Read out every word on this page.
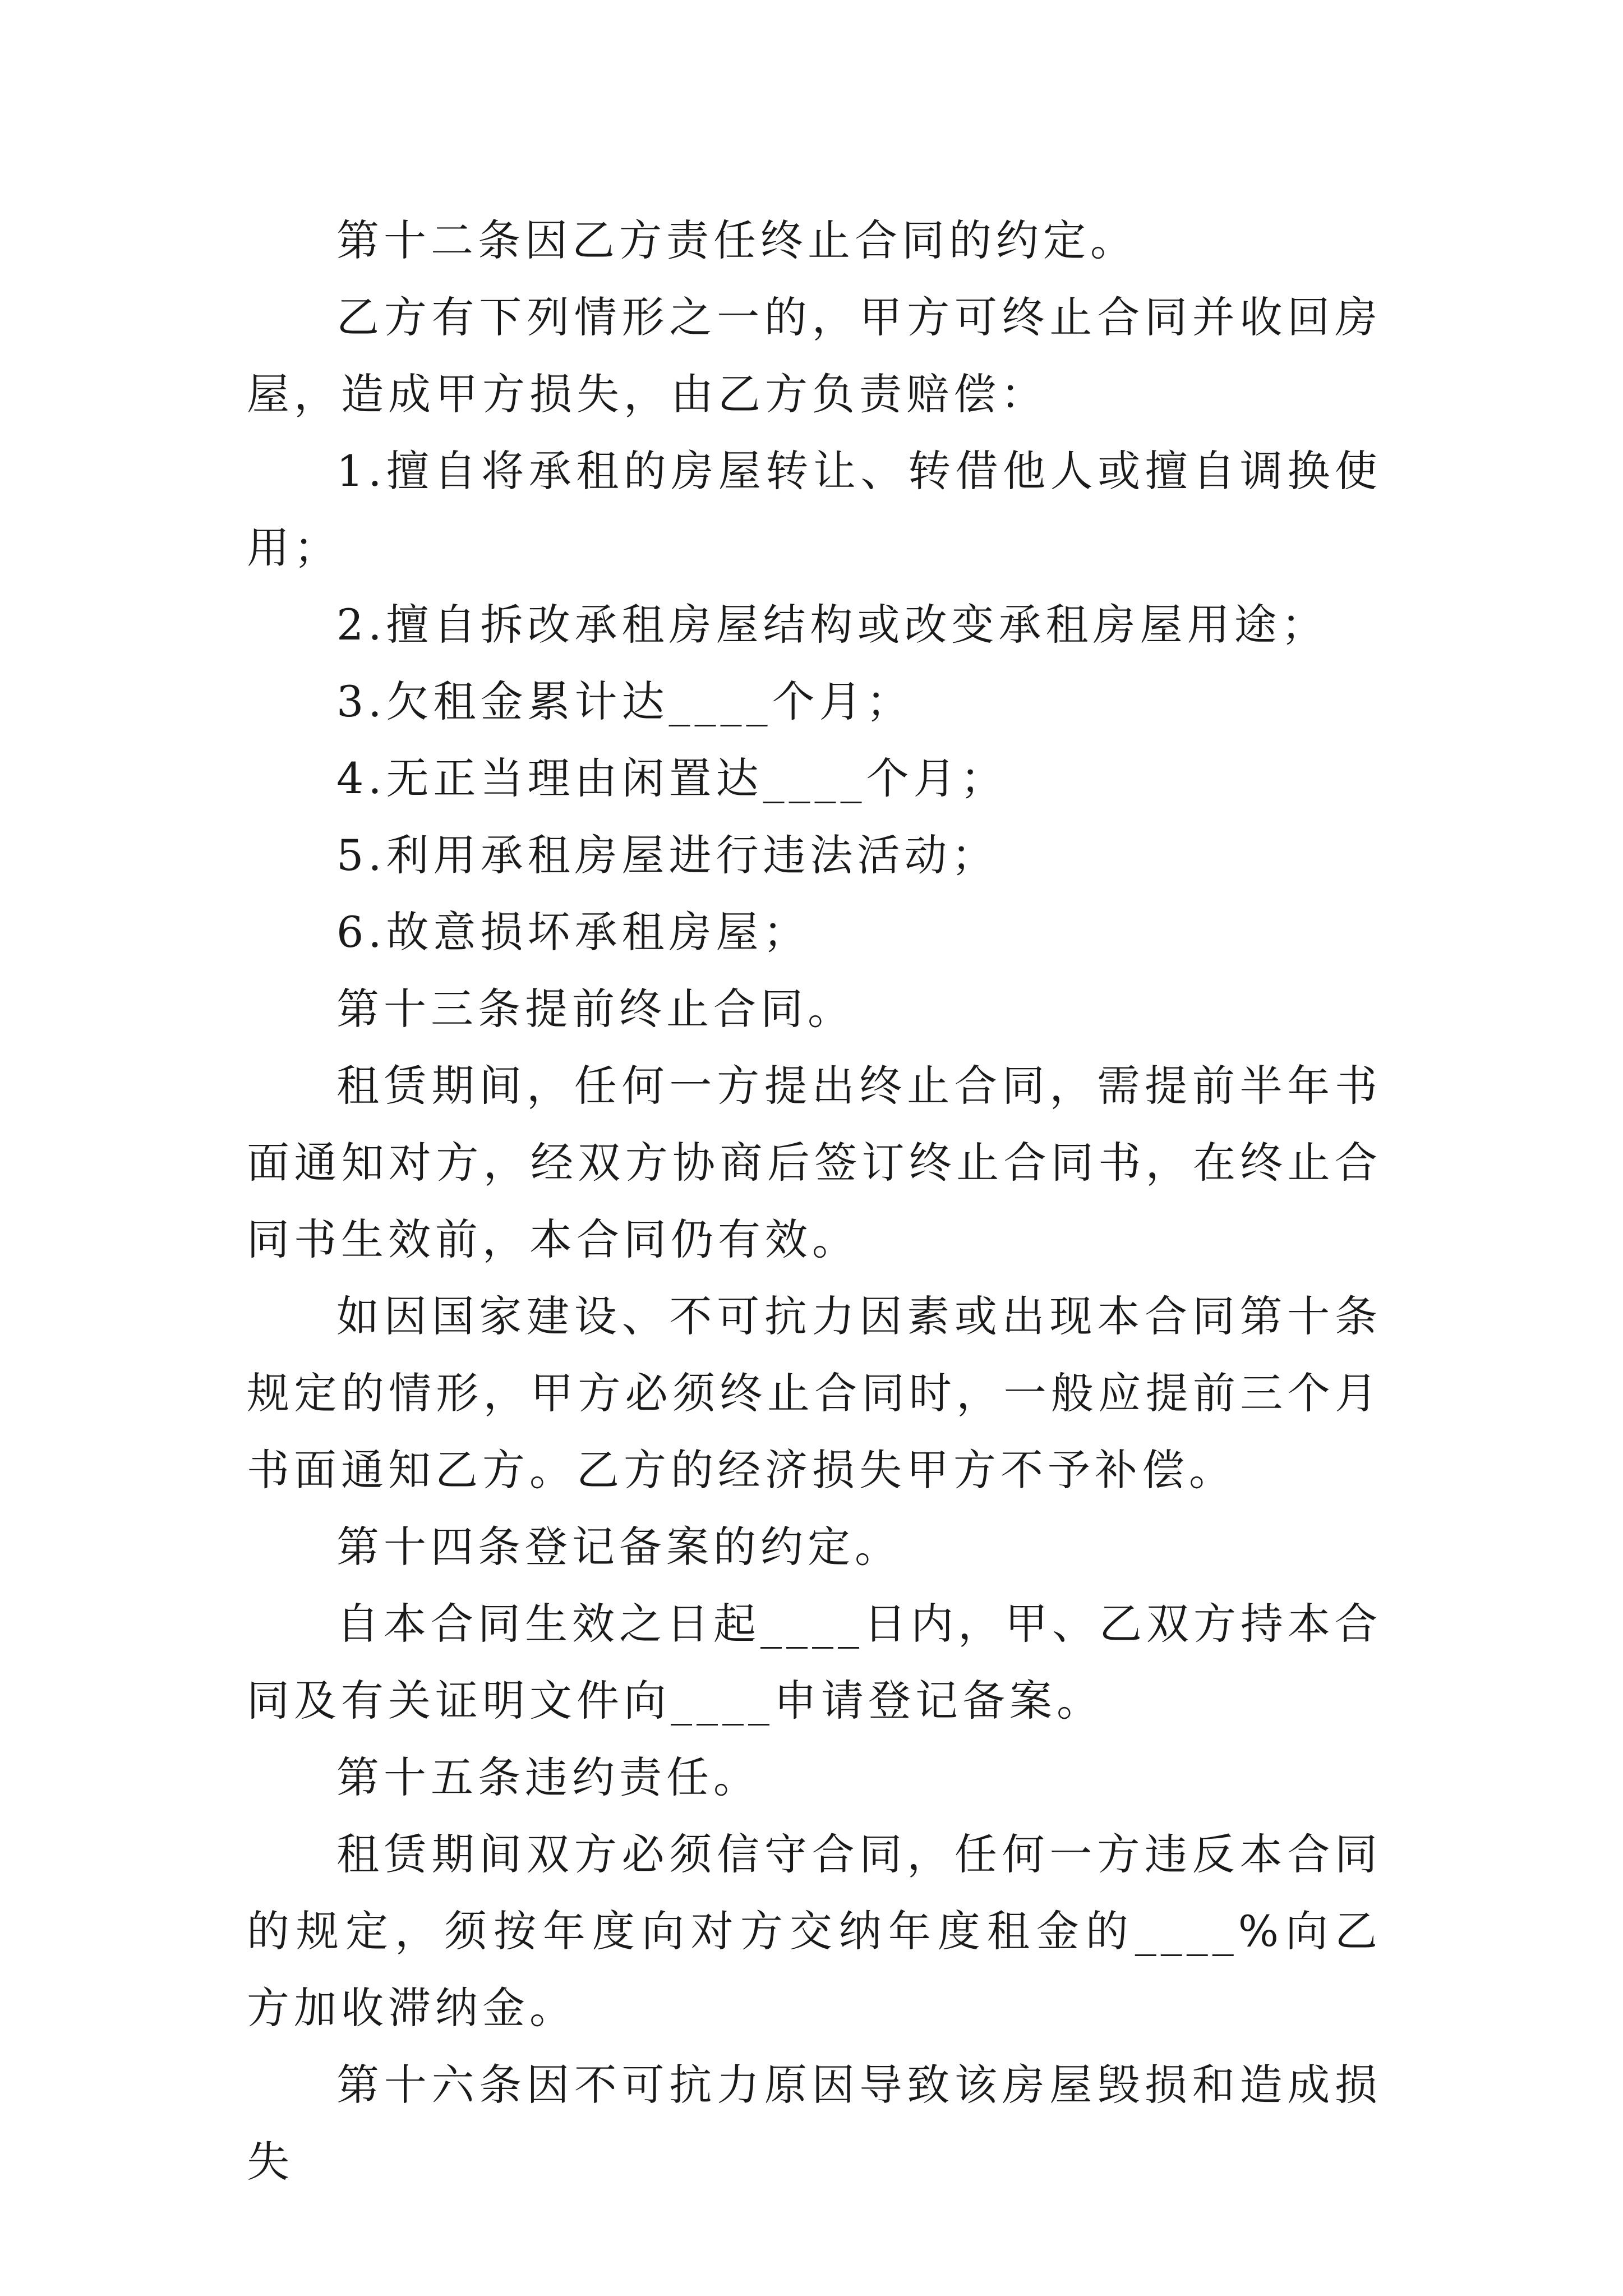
第十二条因乙方责任终止合同的约定。

乙方有下列情形之一的，甲方可终止合同并收回房屋，造成甲方损失，由乙方负责赔偿：

1.擅自将承租的房屋转让、转借他人或擅自调换使用；

2.擅自拆改承租房屋结构或改变承租房屋用途；

3.欠租金累计达____个月；

4.无正当理由闲置达____个月；

5.利用承租房屋进行违法活动；

6.故意损坏承租房屋；

第十三条提前终止合同。

租赁期间，任何一方提出终止合同，需提前半年书面通知对方，经双方协商后签订终止合同书，在终止合同书生效前，本合同仍有效。

如因国家建设、不可抗力因素或出现本合同第十条规定的情形，甲方必须终止合同时，一般应提前三个月书面通知乙方。乙方的经济损失甲方不予补偿。

第十四条登记备案的约定。

自本合同生效之日起____日内，甲、乙双方持本合同及有关证明文件向____申请登记备案。

第十五条违约责任。

租赁期间双方必须信守合同，任何一方违反本合同的规定，须按年度向对方交纳年度租金的____%向乙方加收滞纳金。

第十六条因不可抗力原因导致该房屋毁损和造成损失
